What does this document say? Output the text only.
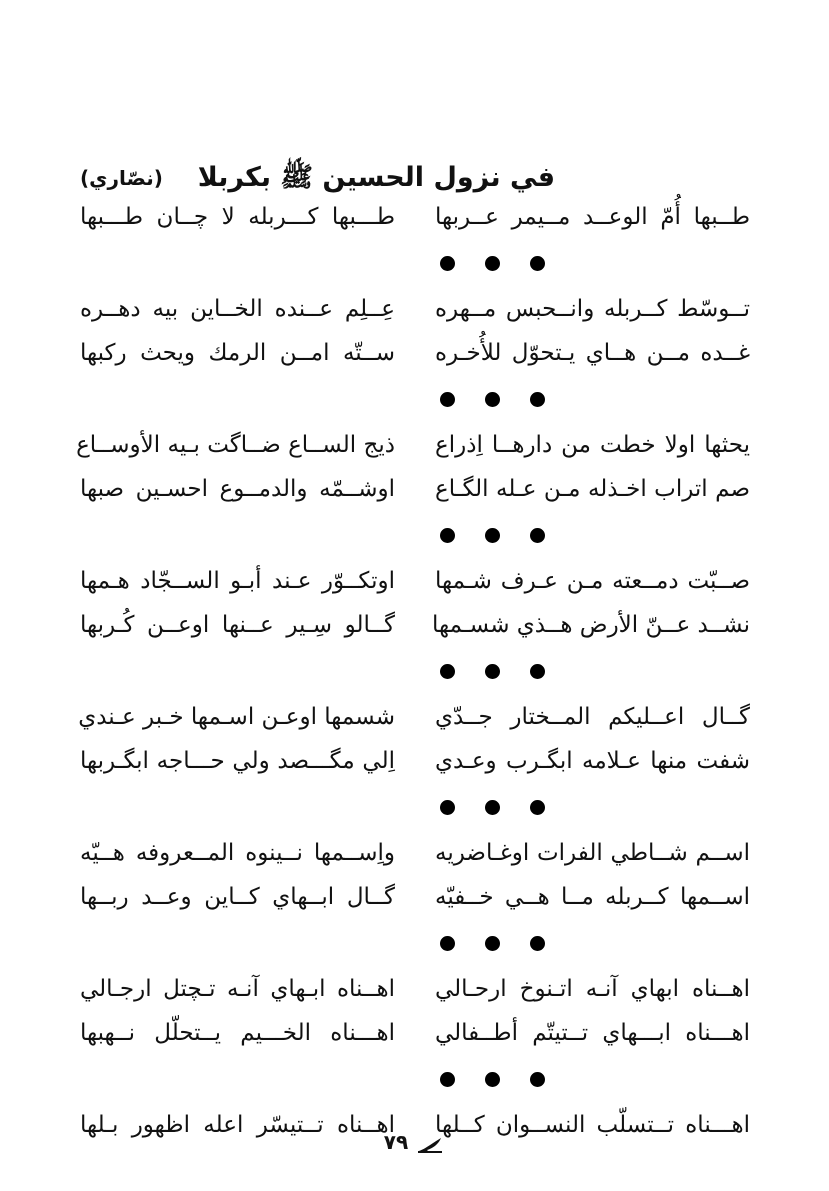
في نزول الحسين ﷺ بكربلا
(نصّاري)
طــبها أُمّ الوعــد مــيمر عــربها
طـــبها كـــربله لا چــان طـــبها
تــوسّط كــربله وانــحبس مــهره
عِــلِم عــنده الخــاين بيه دهــره
غــده مــن هــاي يـتحوّل للأُخـره
ســتّه امــن الرمك ويحث ركبها
يحثها اولا خطت من دارهــا اِذراع
ذيج الســاع ضــاگت بـيه الأوســاع
صم اتراب اخـذله مـن عـله الگـاع
اوشــمّه والدمــوع احسـين صبها
صــبّت دمــعته مـن عـرف شـمها
اوتكــوّر عـند أبـو الســجّاد هـمها
نشــد عــنّ الأرض هــذي شسـمها
گــالو سِـير عــنها اوعــن كُـربها
گــال اعــليكم المــختار جــدّي
شسمها اوعـن اسـمها خـبر عـندي
شفت منها عـلامه ابگـرب وعـدي
اِلي مگـــصد ولي حـــاجه ابگـربها
اســم شــاطي الفرات اوغـاضريه
واِســمها نــينوه المــعروفه هــيّه
اســمها كــربله مــا هــي خــفيّه
گــال ابــهاي كــاين وعــد ربــها
اهــناه ابهاي آنـه اتـنوخ ارحـالي
اهــناه ابـهاي آنـه تـچتل ارجـالي
اهـــناه ابـــهاي تــتيتّم أطــفالي
اهـــناه الخـــيم يــتحلّل نــهبها
اهـــناه تــتسلّب النســوان كــلها
اهــناه تــتيسّر اعله اظهور بـلها
٧٩
